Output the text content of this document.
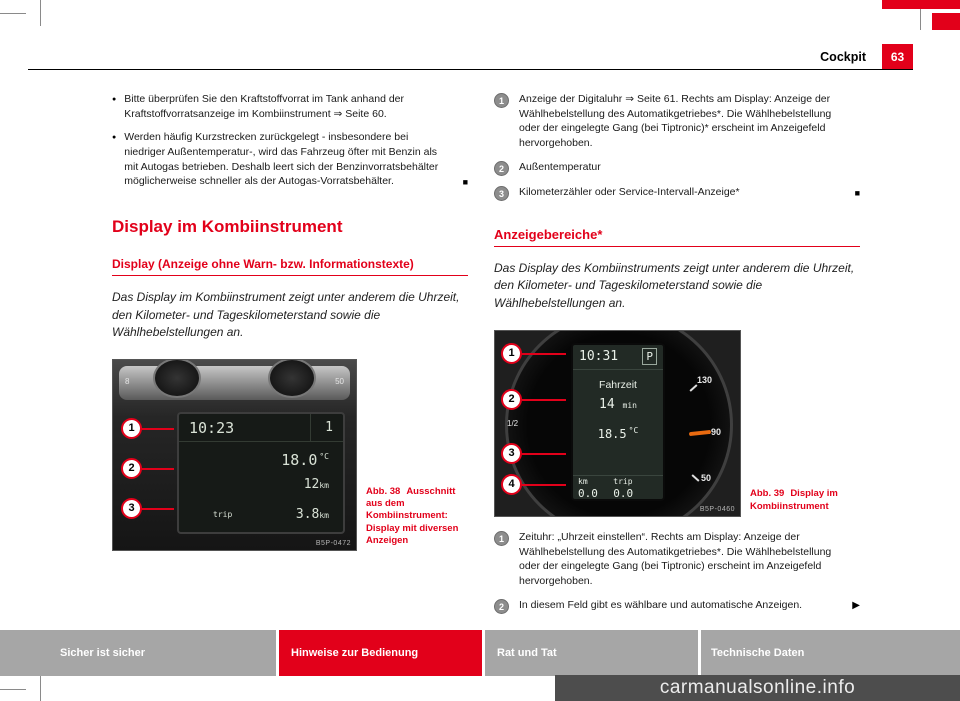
Cockpit	63
● Bitte überprüfen Sie den Kraftstoffvorrat im Tank anhand der Kraftstoffvorratsanzeige im Kombiinstrument ⇒ Seite 60.
● Werden häufig Kurzstrecken zurückgelegt - insbesondere bei niedriger Außentemperatur-, wird das Fahrzeug öfter mit Benzin als mit Autogas betrieben. Deshalb leert sich der Benzinvorratsbehälter möglicherweise schneller als der Autogas-Vorratsbehälter.	■
Display im Kombiinstrument
Display (Anzeige ohne Warn- bzw. Informationstexte)

Das Display im Kombiinstrument zeigt unter anderem die Uhrzeit, den Kilometer- und Tageskilometerstand sowie die Wählhebelstellungen an.

8	50
10:23	1
18.0 $^{^\circ C}$
12km
trip	3.8km
1
2
3
B5P-0472
Abb. 38 Ausschnitt aus dem Kombiinstrument: Display mit diversen Anzeigen
1	Anzeige der Digitaluhr ⇒ Seite 61. Rechts am Display: Anzeige der Wählhebelstellung des Automatikgetriebes*. Die Wählhebelstellung oder der eingelegte Gang (bei Tiptronic)* erscheint im Anzeigefeld hervorgehoben.
2	Außentemperatur
3	Kilometerzähler oder Service-Intervall-Anzeige*	■
Anzeigebereiche*

Das Display des Kombiinstruments zeigt unter anderem die Uhrzeit, den Kilometer- und Tageskilometerstand sowie die Wählhebelstellungen an.

130
90
50
1/2
10:31	P
Fahrzeit
14 min
18.5 $^{^\circ C}$
km 0.0
trip 0.0
1
2
3
4
B5P-0460
Abb. 39 Display im Kombiinstrument
1	Zeituhr: „Uhrzeit einstellen“. Rechts am Display: Anzeige der Wählhebelstellung des Automatikgetriebes*. Die Wählhebelstellung oder der eingelegte Gang (bei Tiptronic) erscheint im Anzeigefeld hervorgehoben.
2	In diesem Feld gibt es wählbare und automatische Anzeigen.	▶
Sicher ist sicher	Hinweise zur Bedienung	Rat und Tat	Technische Daten
carmanualsonline.info
